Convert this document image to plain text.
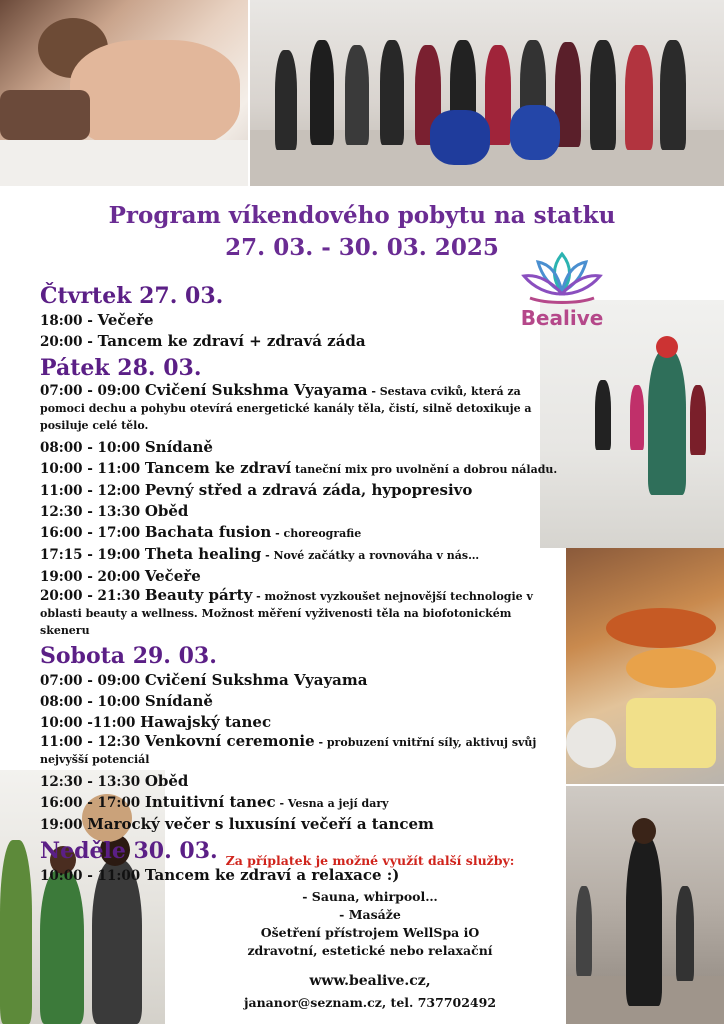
Program víkendového pobytu na statku
27. 03. - 30. 03. 2025
Bealive
Čtvrtek 27. 03.
18:00 - Večeře
20:00 - Tancem ke zdraví + zdravá záda
Pátek 28. 03.
07:00 - 09:00 Cvičení Sukshma Vyayama - Sestava cviků, která za pomoci dechu a pohybu otevírá energetické kanály těla, čistí, silně detoxikuje a posiluje celé tělo.
08:00 - 10:00 Snídaně
10:00 - 11:00 Tancem ke zdraví taneční mix pro uvolnění a dobrou náladu.
11:00 - 12:00 Pevný střed a zdravá záda, hypopresivo
12:30 - 13:30 Oběd
16:00 - 17:00 Bachata fusion - choreografie
17:15 - 19:00 Theta healing - Nové začátky a rovnováha v nás…
19:00 - 20:00 Večeře
20:00 - 21:30 Beauty párty - možnost vyzkoušet nejnovější technologie v oblasti beauty a wellness. Možnost měření vyživenosti těla na biofotonickém skeneru
Sobota 29. 03.
07:00 - 09:00 Cvičení Sukshma Vyayama
08:00 - 10:00 Snídaně
10:00 -11:00 Hawajský tanec
11:00 - 12:30 Venkovní ceremonie - probuzení vnitřní síly, aktivuj svůj nejvyšší potenciál
12:30 - 13:30 Oběd
16:00 - 17:00 Intuitivní tanec - Vesna a její dary
19:00 Marocký večer s luxusíní večeří a tancem
Neděle 30. 03.
10:00 - 11:00 Tancem ke zdraví a relaxace :)
Za příplatek je možné využít další služby:
- Sauna, whirpool…
- Masáže
Ošetření přístrojem WellSpa iO
zdravotní, estetické nebo relaxační
www.bealive.cz,
jananor@seznam.cz, tel. 737702492
